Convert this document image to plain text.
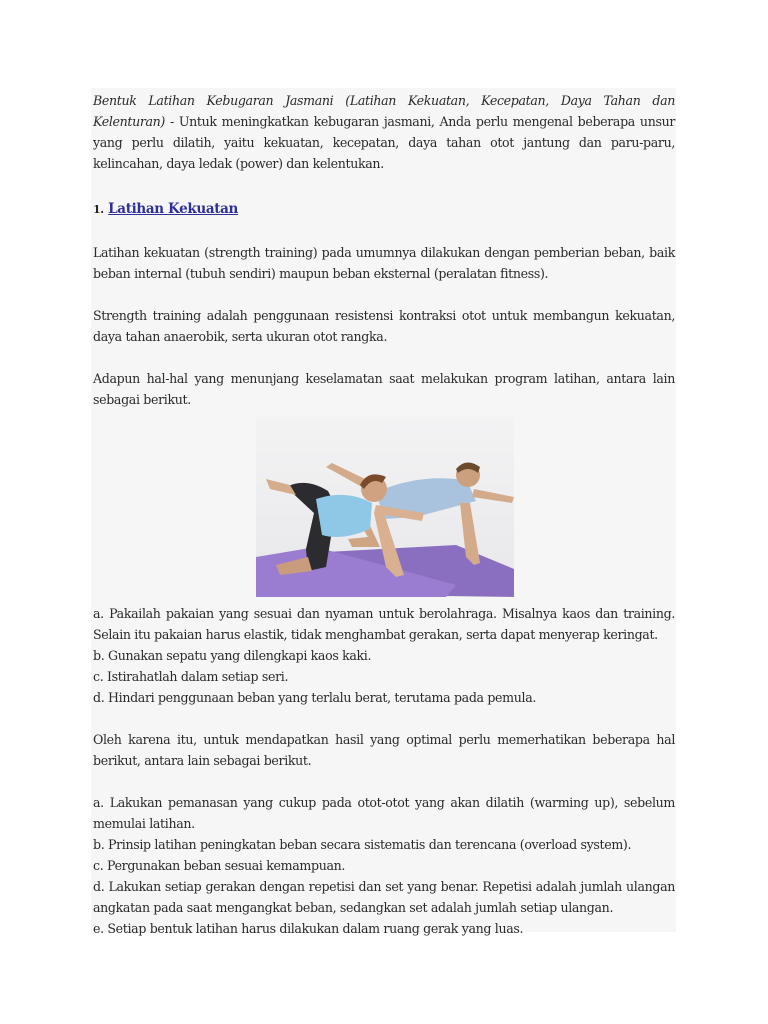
Bentuk Latihan Kebugaran Jasmani (Latihan Kekuatan, Kecepatan, Daya Tahan dan Kelenturan) - Untuk meningkatkan kebugaran jasmani, Anda perlu mengenal beberapa unsur yang perlu dilatih, yaitu kekuatan, kecepatan, daya tahan otot jantung dan paru-paru, kelincahan, daya ledak (power) dan kelentukan.

1. Latihan Kekuatan

Latihan kekuatan (strength training) pada umumnya dilakukan dengan pemberian beban, baik beban internal (tubuh sendiri) maupun beban eksternal (peralatan fitness).

Strength training adalah penggunaan resistensi kontraksi otot untuk membangun kekuatan, daya tahan anaerobik, serta ukuran otot rangka.

Adapun hal-hal yang menunjang keselamatan saat melakukan program latihan, antara lain sebagai berikut.

a. Pakailah pakaian yang sesuai dan nyaman untuk berolahraga. Misalnya kaos dan training. Selain itu pakaian harus elastik, tidak menghambat gerakan, serta dapat menyerap keringat.

b. Gunakan sepatu yang dilengkapi kaos kaki.

c. Istirahatlah dalam setiap seri.

d. Hindari penggunaan beban yang terlalu berat, terutama pada pemula.

Oleh karena itu, untuk mendapatkan hasil yang optimal perlu memerhatikan beberapa hal berikut, antara lain sebagai berikut.

a. Lakukan pemanasan yang cukup pada otot-otot yang akan dilatih (warming up), sebelum memulai latihan.

b. Prinsip latihan peningkatan beban secara sistematis dan terencana (overload system).

c. Pergunakan beban sesuai kemampuan.

d. Lakukan setiap gerakan dengan repetisi dan set yang benar. Repetisi adalah jumlah ulangan angkatan pada saat mengangkat beban, sedangkan set adalah jumlah setiap ulangan.

e. Setiap bentuk latihan harus dilakukan dalam ruang gerak yang luas.
